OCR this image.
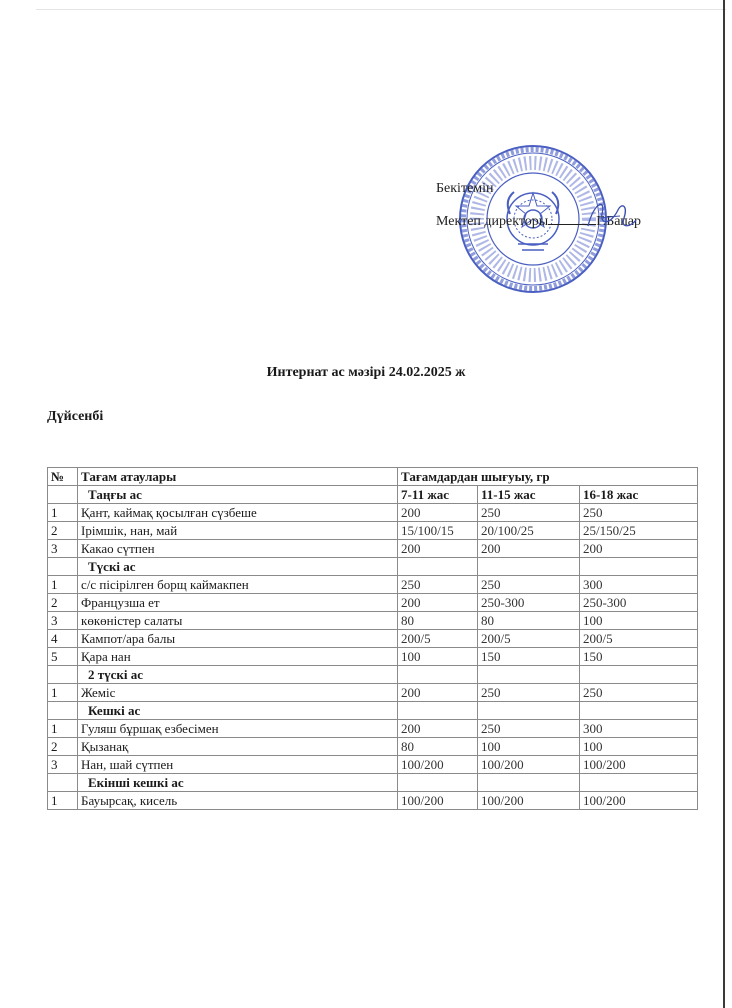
Бекітемін
Мектеп директоры	Г.Бапар
Интернат ас мәзірі 24.02.2025 ж
Дүйсенбі
№	Тағам атаулары	Тағамдардан шығуыу, гр		
	Таңғы ас	7-11 жас	11-15 жас	16-18 жас
1	Қант, каймақ қосылған сүзбеше	200	250	250
2	Ірімшік, нан, май	15/100/15	20/100/25	25/150/25
3	Какао сүтпен	200	200	200
	Түскі ас			
1	с/с пісірілген борщ каймакпен	250	250	300
2	Французша ет	200	250-300	250-300
3	көкөністер салаты	80	80	100
4	Кампот/ара балы	200/5	200/5	200/5
5	Қара нан	100	150	150
	2 түскі ас			
1	Жеміс	200	250	250
	Кешкі ас			
1	Гуляш бұршақ езбесімен	200	250	300
2	Қызанақ	80	100	100
3	Нан, шай сүтпен	100/200	100/200	100/200
	Екінші кешкі ас			
1	Бауырсақ, кисель	100/200	100/200	100/200
